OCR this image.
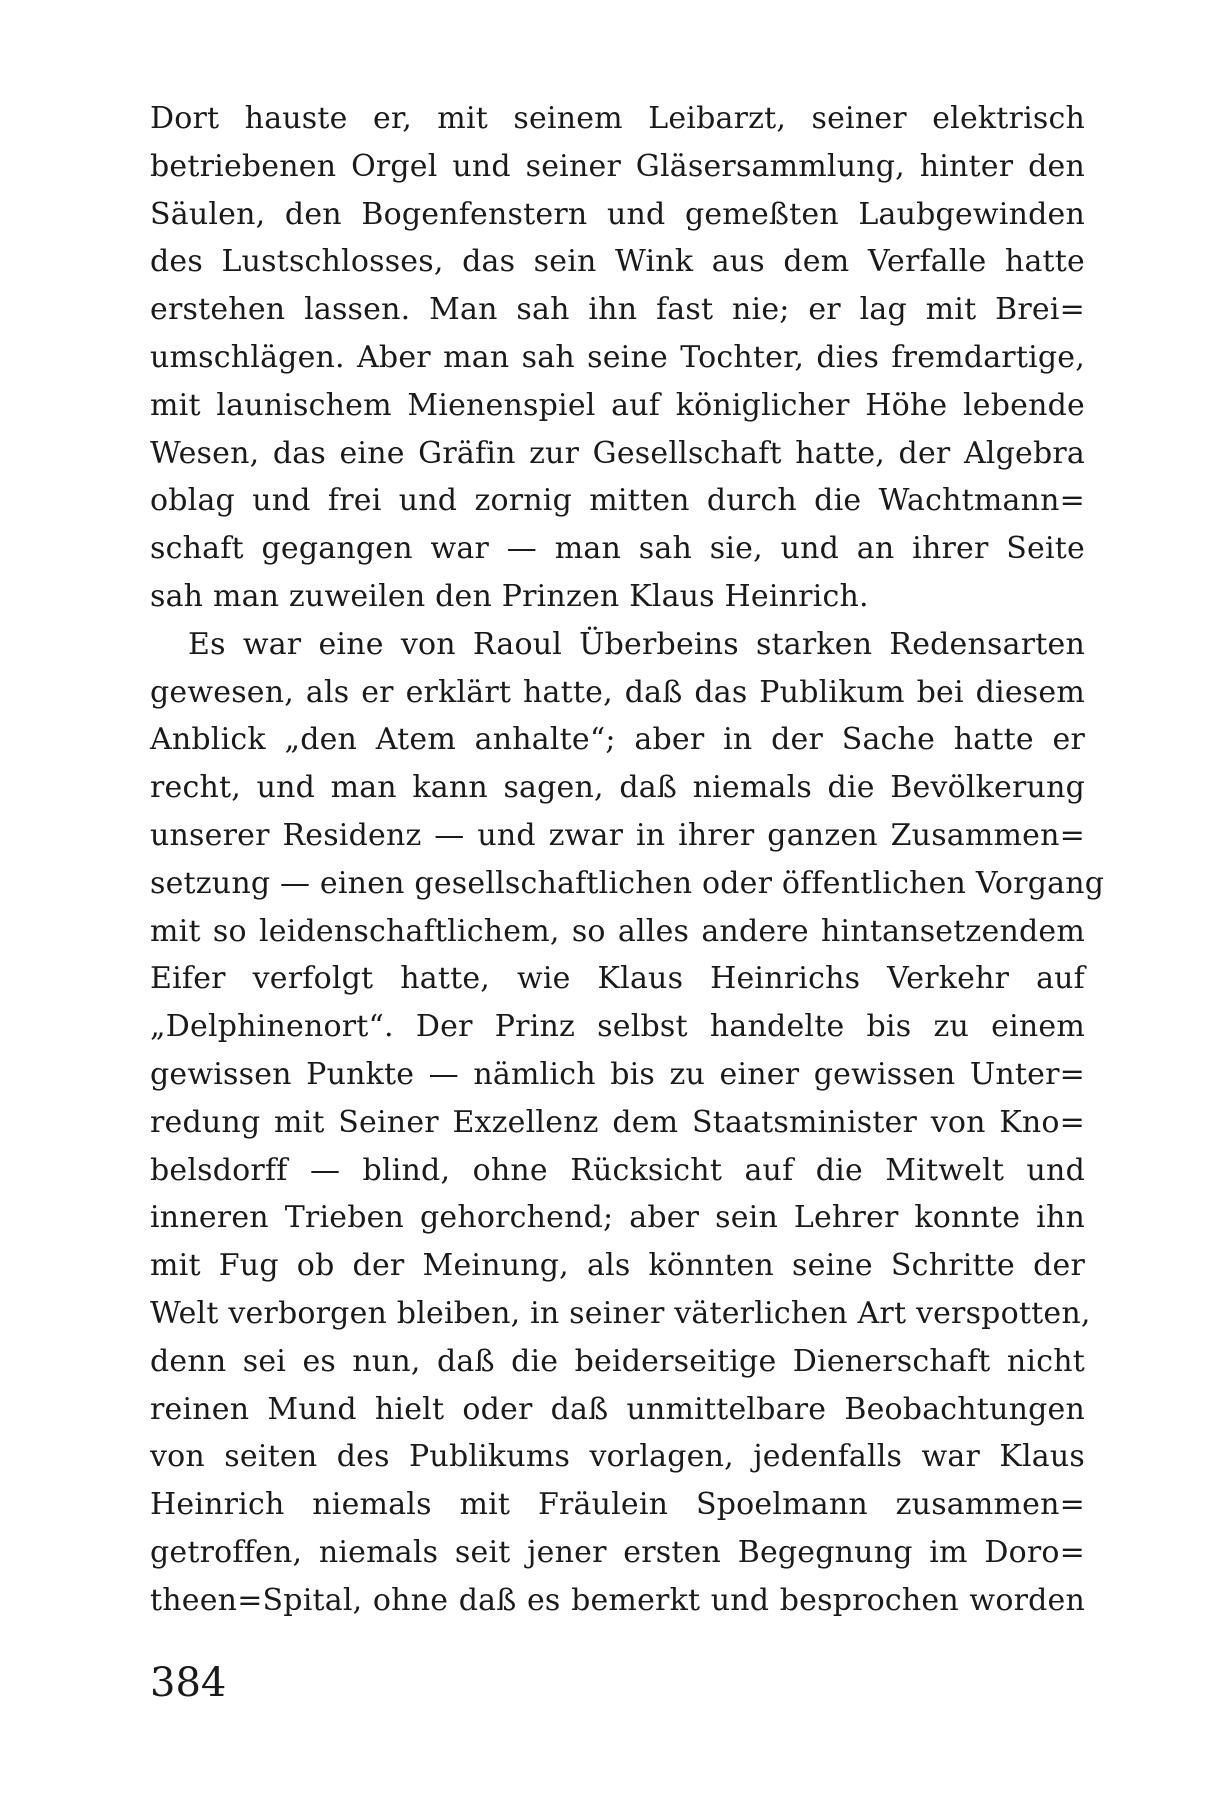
Dort hauste er, mit seinem Leibarzt, seiner elektrisch
betriebenen Orgel und seiner Gläsersammlung, hinter den
Säulen, den Bogenfenstern und gemeßten Laubgewinden
des Lustschlosses, das sein Wink aus dem Verfalle hatte
erstehen lassen. Man sah ihn fast nie; er lag mit Brei=
umschlägen. Aber man sah seine Tochter, dies fremdartige,
mit launischem Mienenspiel auf königlicher Höhe lebende
Wesen, das eine Gräfin zur Gesellschaft hatte, der Algebra
oblag und frei und zornig mitten durch die Wachtmann=
schaft gegangen war — man sah sie, und an ihrer Seite
sah man zuweilen den Prinzen Klaus Heinrich.
Es war eine von Raoul Überbeins starken Redensarten
gewesen, als er erklärt hatte, daß das Publikum bei diesem
Anblick „den Atem anhalte“; aber in der Sache hatte er
recht, und man kann sagen, daß niemals die Bevölkerung
unserer Residenz — und zwar in ihrer ganzen Zusammen=
setzung — einen gesellschaftlichen oder öffentlichen Vorgang
mit so leidenschaftlichem, so alles andere hintansetzendem
Eifer verfolgt hatte, wie Klaus Heinrichs Verkehr auf
„Delphinenort“. Der Prinz selbst handelte bis zu einem
gewissen Punkte — nämlich bis zu einer gewissen Unter=
redung mit Seiner Exzellenz dem Staatsminister von Kno=
belsdorff — blind, ohne Rücksicht auf die Mitwelt und
inneren Trieben gehorchend; aber sein Lehrer konnte ihn
mit Fug ob der Meinung, als könnten seine Schritte der
Welt verborgen bleiben, in seiner väterlichen Art verspotten,
denn sei es nun, daß die beiderseitige Dienerschaft nicht
reinen Mund hielt oder daß unmittelbare Beobachtungen
von seiten des Publikums vorlagen, jedenfalls war Klaus
Heinrich niemals mit Fräulein Spoelmann zusammen=
getroffen, niemals seit jener ersten Begegnung im Doro=
theen=Spital, ohne daß es bemerkt und besprochen worden
384
